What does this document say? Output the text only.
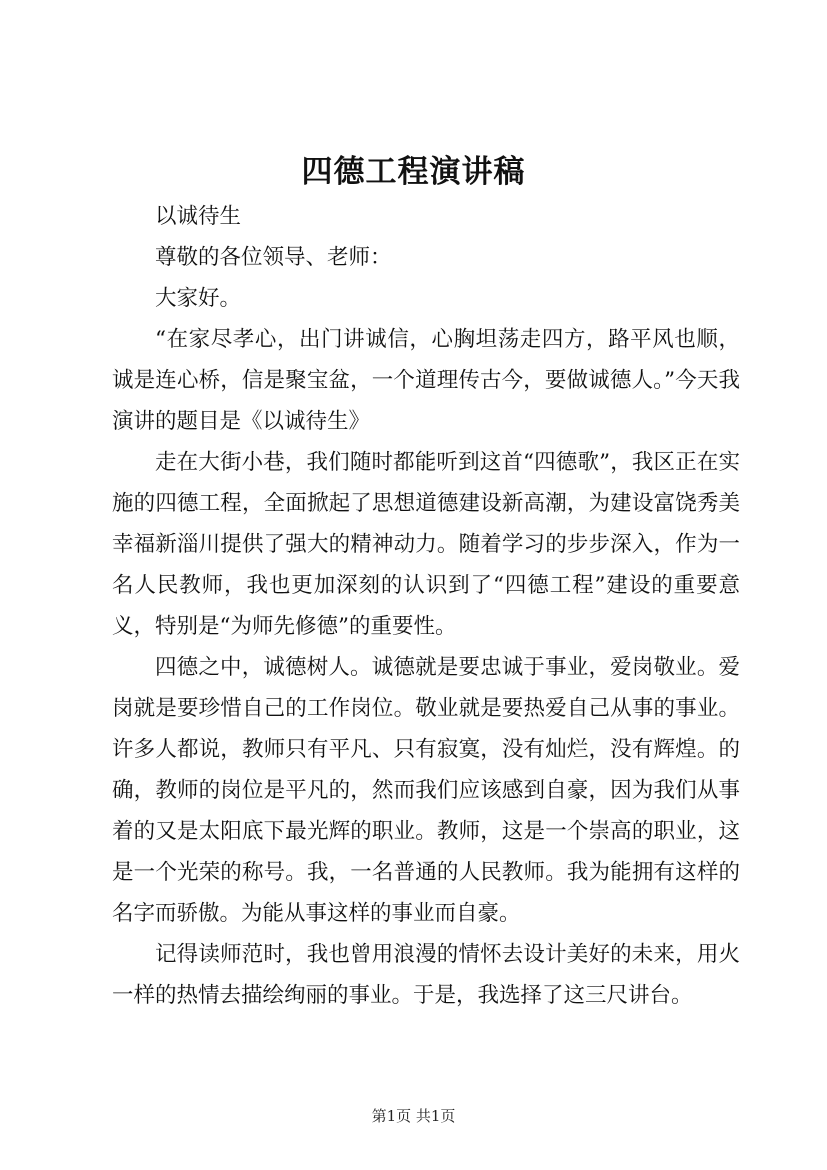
四德工程演讲稿

以诚待生

尊敬的各位领导、老师：

大家好。

“在家尽孝心，出门讲诚信，心胸坦荡走四方，路平风也顺，诚是连心桥，信是聚宝盆，一个道理传古今，要做诚德人。”今天我演讲的题目是《以诚待生》

走在大街小巷，我们随时都能听到这首“四德歌”，我区正在实施的四德工程，全面掀起了思想道德建设新高潮，为建设富饶秀美幸福新淄川提供了强大的精神动力。随着学习的步步深入，作为一名人民教师，我也更加深刻的认识到了“四德工程”建设的重要意义，特别是“为师先修德”的重要性。

四德之中，诚德树人。诚德就是要忠诚于事业，爱岗敬业。爱岗就是要珍惜自己的工作岗位。敬业就是要热爱自己从事的事业。许多人都说，教师只有平凡、只有寂寞，没有灿烂，没有辉煌。的确，教师的岗位是平凡的，然而我们应该感到自豪，因为我们从事着的又是太阳底下最光辉的职业。教师，这是一个崇高的职业，这是一个光荣的称号。我，一名普通的人民教师。我为能拥有这样的名字而骄傲。为能从事这样的事业而自豪。

记得读师范时，我也曾用浪漫的情怀去设计美好的未来，用火一样的热情去描绘绚丽的事业。于是，我选择了这三尺讲台。

第1页 共1页
